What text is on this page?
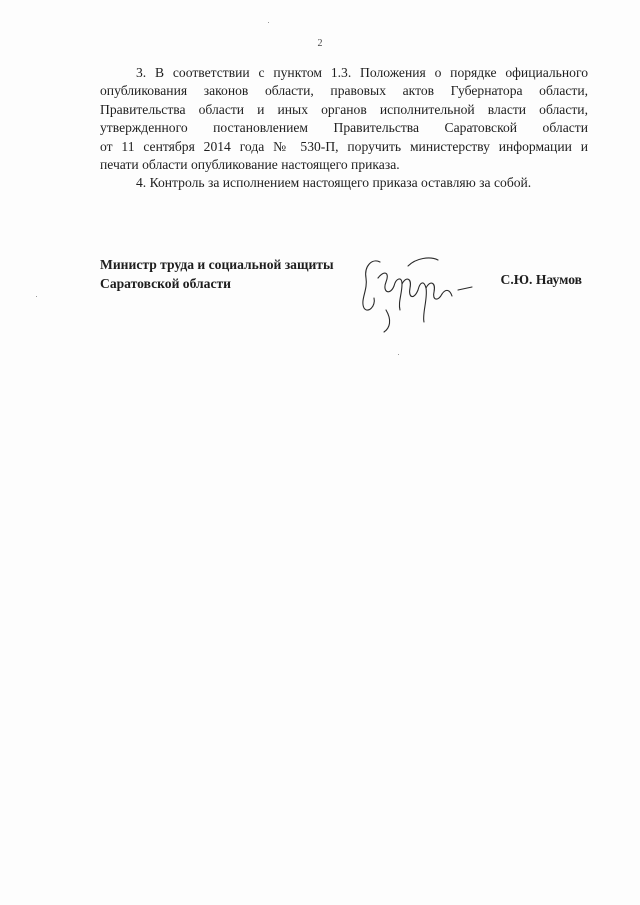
2

3. В соответствии с пунктом 1.3. Положения о порядке официального
опубликования законов области, правовых актов Губернатора области,
Правительства области и иных органов исполнительной власти области,
утвержденного постановлением Правительства Саратовской области
от 11 сентября 2014 года № 530-П, поручить министерству информации и
печати области опубликование настоящего приказа.

4. Контроль за исполнением настоящего приказа оставляю за собой.

Министр труда и социальной защиты
Саратовской области	С.Ю. Наумов
